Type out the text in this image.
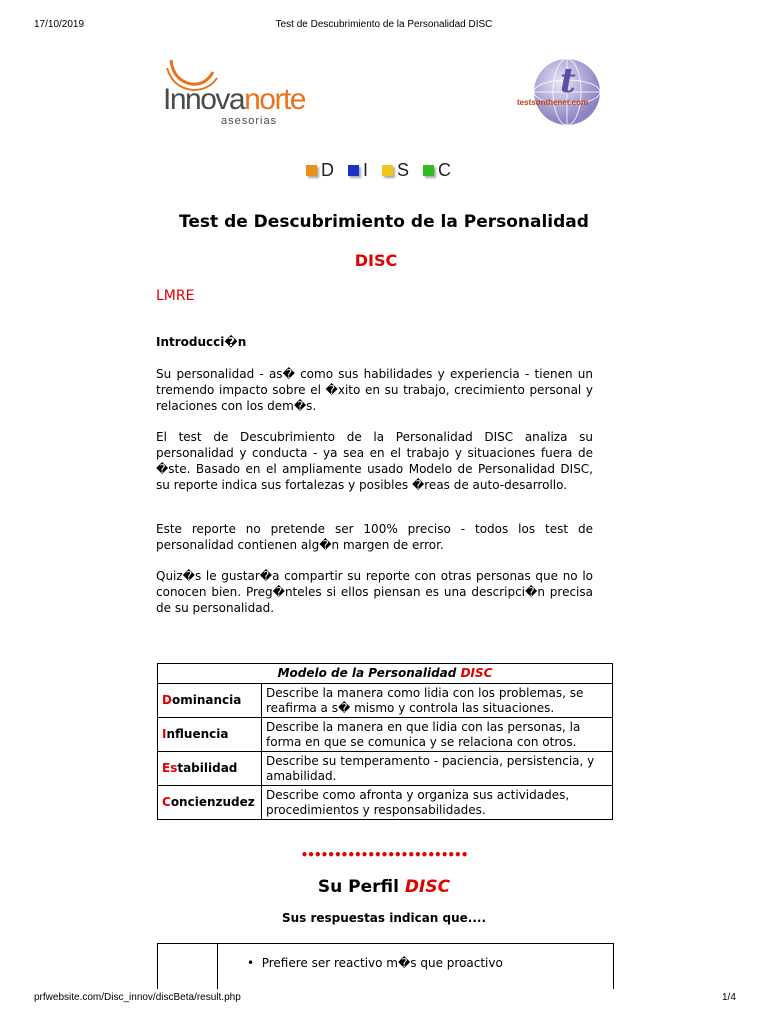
17/10/2019	Test de Descubrimiento de la Personalidad DISC
Innovanorte
asesorias
t
testsonthenet.com
D I S C
Test de Descubrimiento de la Personalidad
DISC
LMRE
Introducci�n
Su personalidad - as� como sus habilidades y experiencia - tienen un tremendo impacto sobre el �xito en su trabajo, crecimiento personal y relaciones con los dem�s.
El test de Descubrimiento de la Personalidad DISC analiza su personalidad y conducta - ya sea en el trabajo y situaciones fuera de �ste. Basado en el ampliamente usado Modelo de Personalidad DISC, su reporte indica sus fortalezas y posibles �reas de auto-desarrollo.
Este reporte no pretende ser 100% preciso - todos los test de personalidad contienen alg�n margen de error.
Quiz�s le gustar�a compartir su reporte con otras personas que no lo conocen bien. Preg�nteles si ellos piensan es una descripci�n precisa de su personalidad.
Modelo de la Personalidad DISC	
Dominancia	Describe la manera como lidia con los problemas, se reafirma a s� mismo y controla las situaciones.
Influencia	Describe la manera en que lidia con las personas, la forma en que se comunica y se relaciona con otros.
Estabilidad	Describe su temperamento - paciencia, persistencia, y amabilidad.
Concienzudez	Describe como afronta y organiza sus actividades, procedimientos y responsabilidades.
•••••••••••••••••••••••••
Su Perfil DISC
Sus respuestas indican que....
•  Prefiere ser reactivo m�s que proactivo
prfwebsite.com/Disc_innov/discBeta/result.php	1/4
